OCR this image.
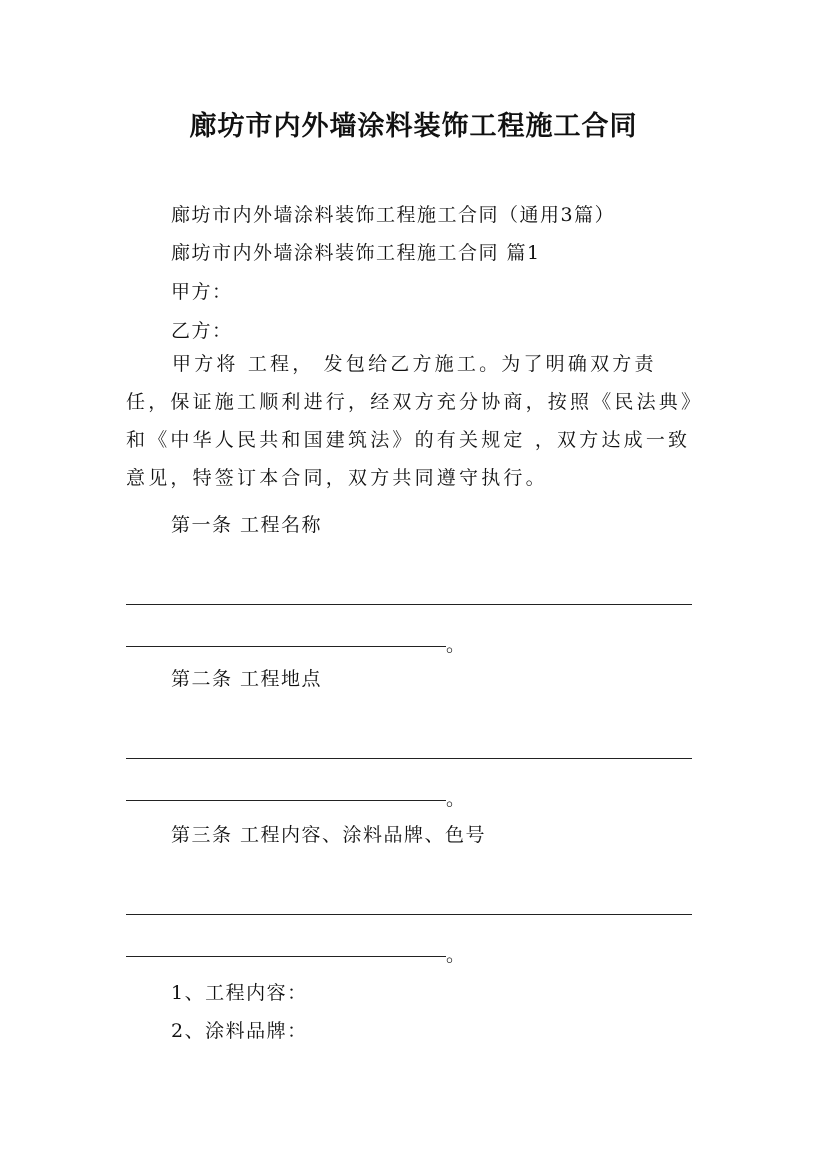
廊坊市内外墙涂料装饰工程施工合同
廊坊市内外墙涂料装饰工程施工合同（通用3篇）
廊坊市内外墙涂料装饰工程施工合同 篇1
甲方：
乙方：
甲方将 工程， 发包给乙方施工。为了明确双方责任，保证施工顺利进行，经双方充分协商，按照《民法典》和《中华人民共和国建筑法》的有关规定 ，双方达成一致意见，特签订本合同，双方共同遵守执行。
第一条 工程名称
。
第二条 工程地点
。
第三条 工程内容、涂料品牌、色号
。
1、工程内容：
2、涂料品牌：
